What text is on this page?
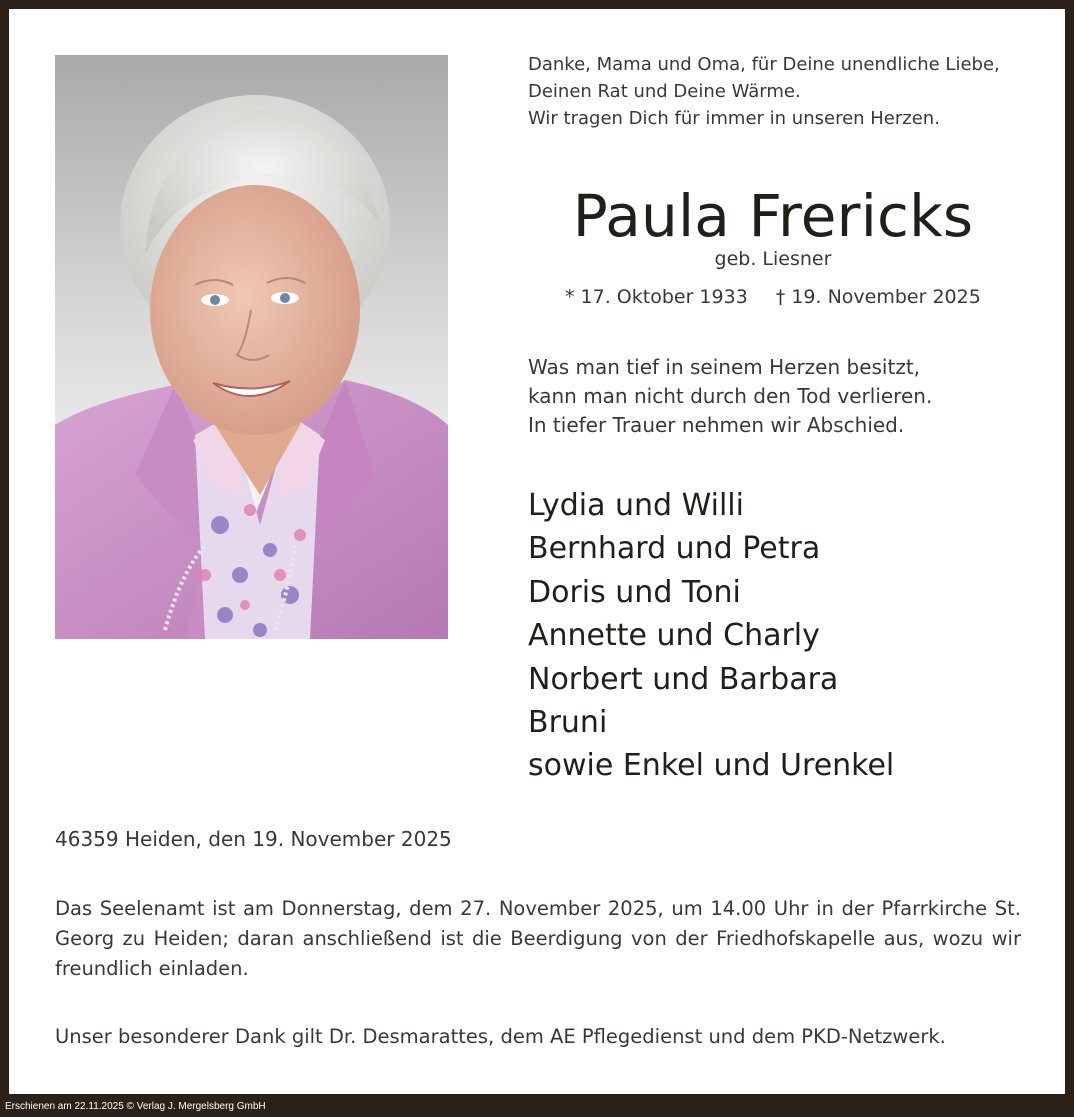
Danke, Mama und Oma, für Deine unendliche Liebe,
Deinen Rat und Deine Wärme.
Wir tragen Dich für immer in unseren Herzen.
Paula Frericks
geb. Liesner
* 17. Oktober 1933 † 19. November 2025
Was man tief in seinem Herzen besitzt,
kann man nicht durch den Tod verlieren.
In tiefer Trauer nehmen wir Abschied.
Lydia und Willi
Bernhard und Petra
Doris und Toni
Annette und Charly
Norbert und Barbara
Bruni
sowie Enkel und Urenkel
46359 Heiden, den 19. November 2025
Das Seelenamt ist am Donnerstag, dem 27. November 2025, um 14.00 Uhr in der Pfarrkirche St. Georg zu Heiden; daran anschließend ist die Beerdigung von der Friedhofskapelle aus, wozu wir freundlich einladen.
Unser besonderer Dank gilt Dr. Desmarattes, dem AE Pflegedienst und dem PKD-Netzwerk.
Erschienen am 22.11.2025 © Verlag J. Mergelsberg GmbH
